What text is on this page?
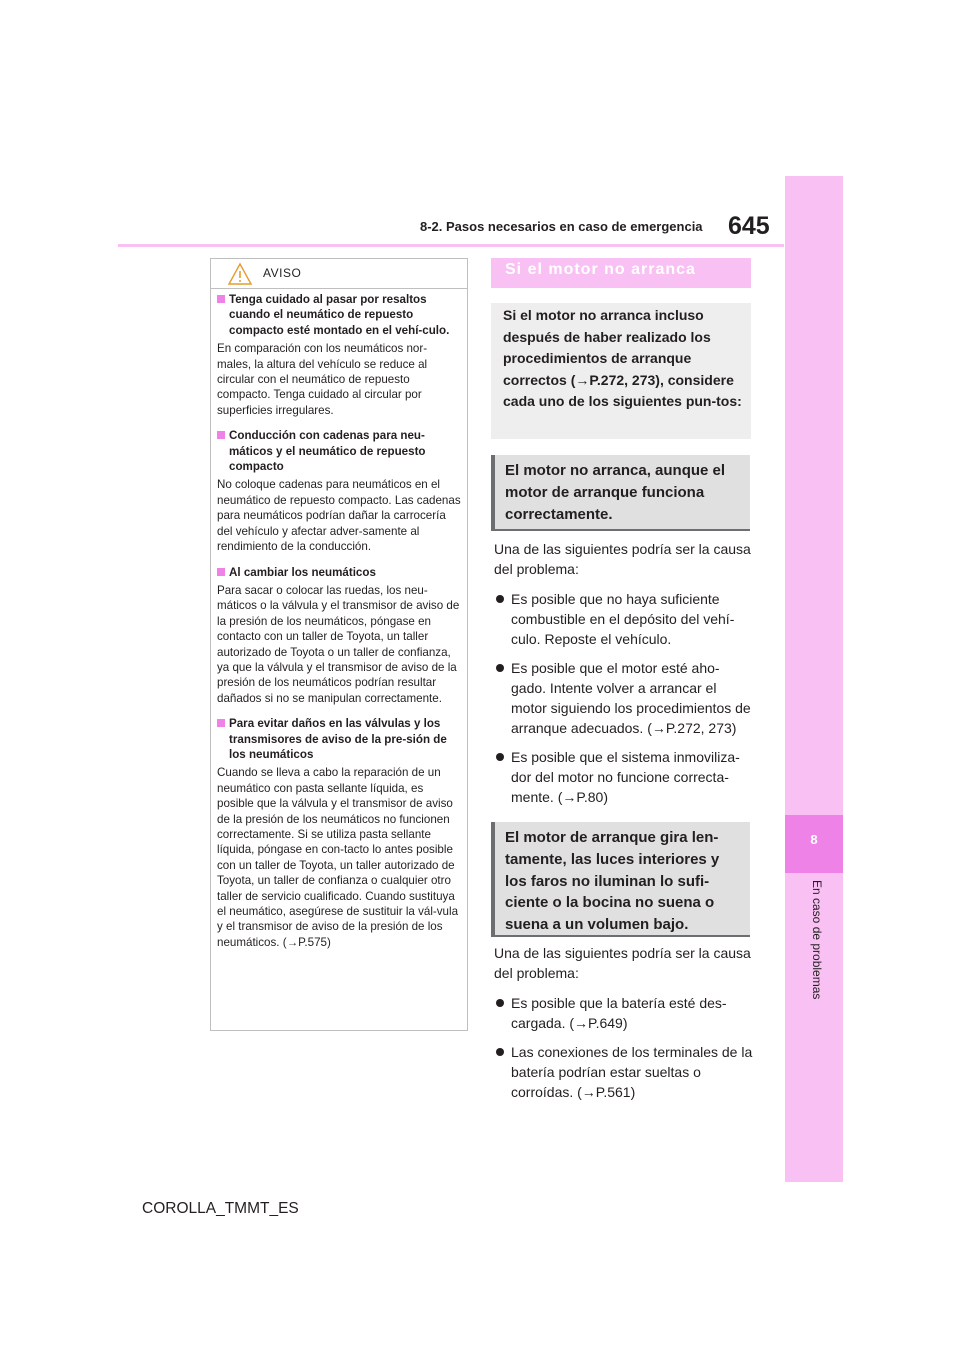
8-2. Pasos necesarios en caso de emergencia 645
8
En caso de problemas
AVISO
Tenga cuidado al pasar por resaltos cuando el neumático de repuesto compacto esté montado en el vehí-culo.
En comparación con los neumáticos nor-males, la altura del vehículo se reduce al circular con el neumático de repuesto compacto. Tenga cuidado al circular por superficies irregulares.
Conducción con cadenas para neu-máticos y el neumático de repuesto compacto
No coloque cadenas para neumáticos en el neumático de repuesto compacto. Las cadenas para neumáticos podrían dañar la carrocería del vehículo y afectar adver-samente al rendimiento de la conducción.
Al cambiar los neumáticos
Para sacar o colocar las ruedas, los neu-máticos o la válvula y el transmisor de aviso de la presión de los neumáticos, póngase en contacto con un taller de Toyota, un taller autorizado de Toyota o un taller de confianza, ya que la válvula y el transmisor de aviso de la presión de los neumáticos podrían resultar dañados si no se manipulan correctamente.
Para evitar daños en las válvulas y los transmisores de aviso de la pre-sión de los neumáticos
Cuando se lleva a cabo la reparación de un neumático con pasta sellante líquida, es posible que la válvula y el transmisor de aviso de la presión de los neumáticos no funcionen correctamente. Si se utiliza pasta sellante líquida, póngase en con-tacto lo antes posible con un taller de Toyota, un taller autorizado de Toyota, un taller de confianza o cualquier otro taller de servicio cualificado. Cuando sustituya el neumático, asegúrese de sustituir la vál-vula y el transmisor de aviso de la presión de los neumáticos. (→P.575)
Si el motor no arranca
Si el motor no arranca incluso después de haber realizado los procedimientos de arranque correctos (→P.272, 273), considere cada uno de los siguientes pun-tos:
El motor no arranca, aunque el motor de arranque funciona correctamente.

Una de las siguientes podría ser la causa del problema:

Es posible que no haya suficiente combustible en el depósito del vehí-culo. Reposte el vehículo.
Es posible que el motor esté aho-gado. Intente volver a arrancar el motor siguiendo los procedimientos de arranque adecuados. (→P.272, 273)
Es posible que el sistema inmoviliza-dor del motor no funcione correcta-mente. (→P.80)
El motor de arranque gira len-tamente, las luces interiores y los faros no iluminan lo sufi-ciente o la bocina no suena o suena a un volumen bajo.

Una de las siguientes podría ser la causa del problema:

Es posible que la batería esté des-cargada. (→P.649)
Las conexiones de los terminales de la batería podrían estar sueltas o corroídas. (→P.561)
COROLLA_TMMT_ES
